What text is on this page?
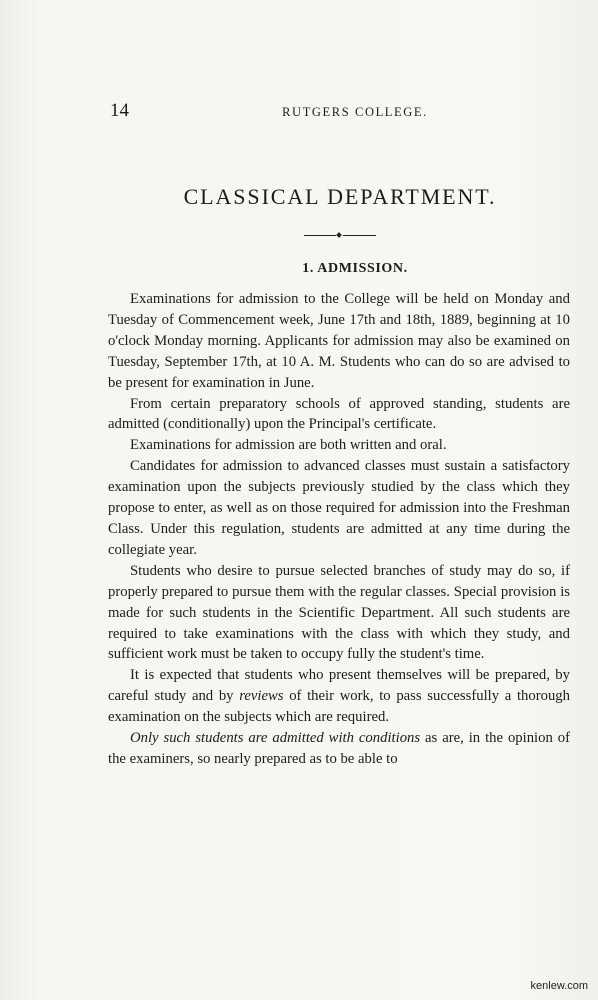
14	RUTGERS COLLEGE.
CLASSICAL DEPARTMENT.
1. ADMISSION.

Examinations for admission to the College will be held on Monday and Tuesday of Commencement week, June 17th and 18th, 1889, beginning at 10 o'clock Monday morning. Applicants for admission may also be examined on Tuesday, September 17th, at 10 A. M. Students who can do so are advised to be present for examination in June.

From certain preparatory schools of approved standing, students are admitted (conditionally) upon the Principal's certificate.

Examinations for admission are both written and oral.

Candidates for admission to advanced classes must sustain a satisfactory examination upon the subjects previously studied by the class which they propose to enter, as well as on those required for admission into the Freshman Class. Under this regulation, students are admitted at any time during the collegiate year.

Students who desire to pursue selected branches of study may do so, if properly prepared to pursue them with the regular classes. Special provision is made for such students in the Scientific Department. All such students are required to take examinations with the class with which they study, and sufficient work must be taken to occupy fully the student's time.

It is expected that students who present themselves will be prepared, by careful study and by reviews of their work, to pass successfully a thorough examination on the subjects which are required.

Only such students are admitted with conditions as are, in the opinion of the examiners, so nearly prepared as to be able to

kenlew.com
